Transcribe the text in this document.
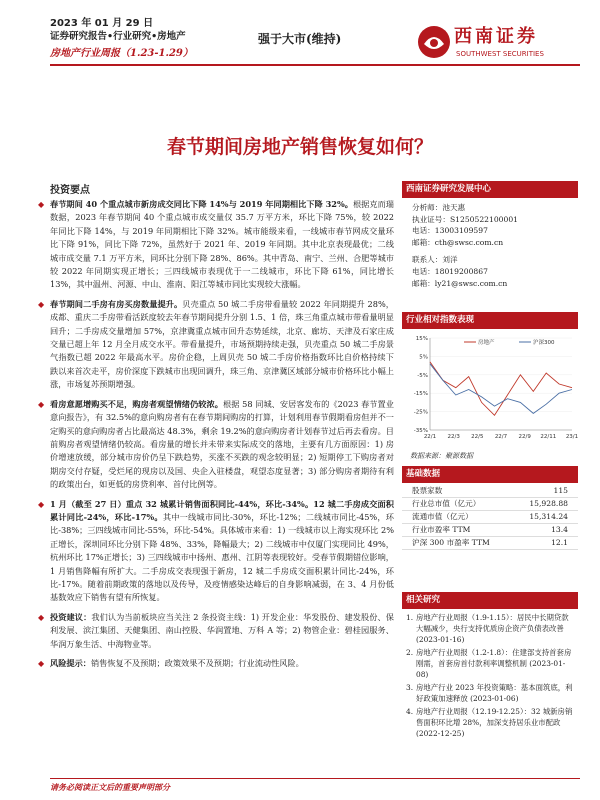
2023 年 01 月 29 日
证券研究报告•行业研究•房地产
房地产行业周报（1.23-1.29）
强于大市(维持)	西南证券
SOUTHWEST SECURITIES
春节期间房地产销售恢复如何？
投资要点

◆ 春节期间 40 个重点城市新房成交同比下降 14%与 2019 年同期相比下降 32%。根据克而瑞数据，2023 年春节期间 40 个重点城市成交量仅 35.7 万平方米，环比下降 75%，较 2022 年同比下降 14%，与 2019 年同期相比下降 32%。城市能级来看，一线城市春节网成交量环比下降 91%，同比下降 72%，虽然好于 2021 年、2019 年同期。其中北京表现最优；二线城市成交量 7.1 万平方米，同环比分别下降 28%、86%。其中青岛、南宁、兰州、合肥等城市较 2022 年同期实现正增长；三四线城市表现优于一二线城市，环比下降 61%，同比增长 13%，其中温州、河源、中山、淮南、阳江等城市同比实现较大涨幅。

◆ 春节期间二手房有房买房数量提升。贝壳重点 50 城二手房带看量较 2022 年同期提升 28%，成都、重庆二手房带看活跃度较去年春节期间提升分别 1.5、1 倍，珠三角重点城市带看量明显回升；二手房成交量增加 57%，京津冀重点城市回升态势延续，北京、廊坊、天津及石家庄成交量已超上年 12 月全月成交水平。带看量提升，市场预期持续走强，贝壳重点 50 城二手房景气指数已超 2022 年最高水平。房价企稳，上周贝壳 50 城二手房价格指数环比自价格持续下跌以来首次走平，房价深度下跌城市出现回调升，珠三角、京津冀区域部分城市价格环比小幅上涨，市场复苏预期增强。

◆ 看房意愿增购买不足，购房者观望情绪仍较浓。根据 58 同城、安居客发布的《2023 春节置业意向报告》，有 32.5%的意向购房者有在春节期间购房的打算，计划利用春节假期看房但并不一定购买的意向购房者占比最高达 48.3%，剩余 19.2%的意向购房者计划春节过后再去看房。目前购房者观望情绪仍较高。看房量的增长并未带来实际成交的落地，主要有几方面原因：1) 房价增速放缓，部分城市房价仍呈下跌趋势，买涨不买跌的观念较明显；2) 短期停工下购房者对期房交付存疑，受烂尾的现房以及国、央企入驻楼盘，观望态度显著；3) 部分购房者期待有利的政策出台，如更低的房贷利率、首付比例等。

◆ 1 月（截至 27 日）重点 32 城累计销售面积同比-44%，环比-34%。12 城二手房成交面积累计同比-24%，环比-17%。其中一线城市同比-30%，环比-12%；二线城市同比-45%，环比-38%；三四线城市同比-55%，环比-54%。具体城市来看：1) 一线城市以上海实现环比 2%正增长，深圳同环比分别下降 48%、33%，降幅最大；2) 二线城市中仅厦门实现同比 49%，杭州环比 17%正增长；3) 三四线城市中扬州、惠州、江阴等表现较好。受春节假期错位影响，1 月销售降幅有所扩大。二手房成交表现强于新房，12 城二手房成交面积累计同比-24%，环比-17%。随着前期政策的落地以及传导，及疫情感染达峰后的自身影响减弱，在 3、4 月份低基数效应下销售有望有所恢复。

◆ 投资建议：我们认为当前板块应当关注 2 条投资主线：1) 开发企业：华发股份、建发股份、保利发展、滨江集团、天健集团、南山控股、华润置地、万科 A 等；2) 物管企业：碧桂园服务、华润万象生活、中海物业等。

◆ 风险提示：销售恢复不及预期；政策效果不及预期；行业流动性风险。

西南证券研究发展中心
分析师：池天惠
执业证号：S1250522100001
电话：13003109597
邮箱：cth@swsc.com.cn
联系人：刘洋
电话：18019200867
邮箱：ly21@swsc.com.cn
行业相对指数表现
15%
5%
-5%
-15%
-25%
-35%
22/1 22/3 22/5 22/7 22/9 22/11 23/1
房地产	沪深300
数据来源：聚源数据
基础数据
股票家数	115
行业总市值（亿元）	15,928.88
流通市值（亿元）	15,314.24
行业市盈率 TTM	13.4
沪深 300 市盈率 TTM	12.1
相关研究
1. 房地产行业周报（1.9-1.15）：居民中长期贷款大幅减少，央行支持优质房企资产负债表改善 (2023-01-16)
2. 房地产行业周报（1.2-1.8）：住建部支持首套房刚需，首套房首付款利率调整机制 (2023-01-08)
3. 房地产行业 2023 年投资策略：基本面筑底，利好政策加速释放 (2023-01-06)
4. 房地产行业周报（12.19-12.25）：32 城新房销售面积环比增 28%，加深支持居乐业市配政 (2022-12-25)
请务必阅读正文后的重要声明部分
